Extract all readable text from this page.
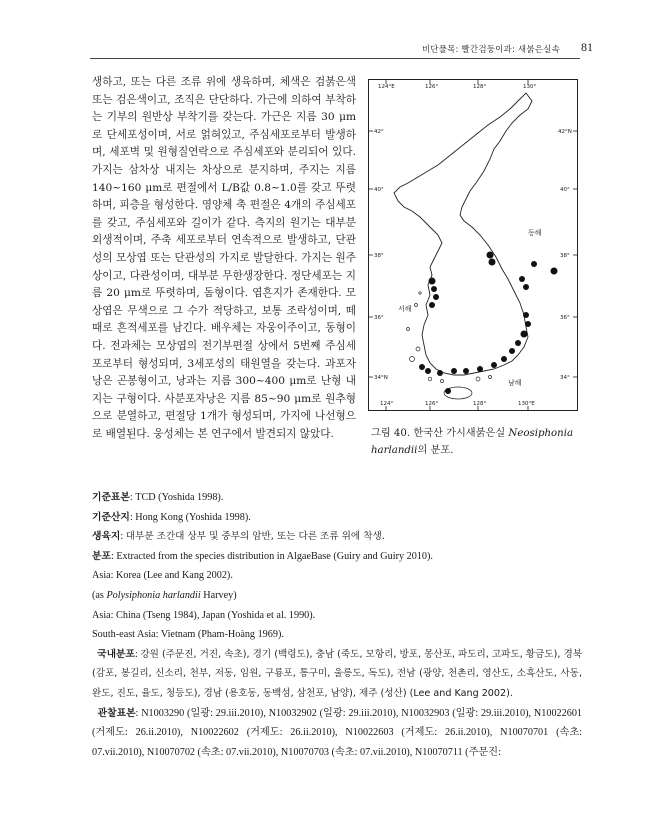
비단풀목: 빨간검둥이과: 새붉은실속 81

생하고, 또는 다른 조류 위에 생육하며, 체색은 검붉은색 또는 검은색이고, 조직은 단단하다. 가근에 의하여 부착하는 기부의 원반상 부착기를 갖는다. 가근은 지름 30 μm로 단세포성이며, 서로 얽혀있고, 주심세포로부터 발생하며, 세포벽 및 원형질연락으로 주심세포와 분리되어 있다. 가지는 삼차상 내지는 차상으로 분지하며, 주지는 지름 140~160 μm로 편절에서 L/B값 0.8~1.0를 갖고 뚜렷하며, 피층을 형성한다. 영양체 축 편절은 4개의 주심세포를 갖고, 주심세포와 길이가 같다. 측지의 원기는 대부분 외생적이며, 주축 세포로부터 연속적으로 발생하고, 단관성의 모상엽 또는 단관성의 가지로 발달한다. 가지는 원주상이고, 다관성이며, 대부분 무한생장한다. 정단세포는 지름 20 μm로 뚜렷하며, 돔형이다. 엽흔지가 존재한다. 모상엽은 무색으로 그 수가 적당하고, 보통 조락성이며, 떼때로 흔적세포를 남긴다. 배우체는 자웅이주이고, 동형이다. 전과체는 모상엽의 전기부편절 상에서 5번째 주심세포로부터 형성되며, 3세포성의 태원열을 갖는다. 과포자낭은 곤봉형이고, 낭과는 지름 300~400 μm로 난형 내지는 구형이다. 사분포자낭은 지름 85~90 μm로 원추형으로 분열하고, 편절당 1개가 형성되며, 가지에 나선형으로 배열된다. 웅성체는 본 연구에서 발견되지 않았다.

124°E	126°	128°	130°
124°	126°	128°	130°E
42°
40°
38°
36°
34°N
42°N
40°
38°
36°
34°
동해
서해
남해
그림 40. 한국산 가시새붉은실 Neosiphonia harlandii의 분포.

기준표본: TCD (Yoshida 1998).

기준산지: Hong Kong (Yoshida 1998).

생육지: 대부분 조간대 상부 및 중부의 암반, 또는 다른 조류 위에 착생.

분포: Extracted from the species distribution in AlgaeBase (Guiry and Guiry 2010).

Asia: Korea (Lee and Kang 2002).

(as Polysiphonia harlandii Harvey)

Asia: China (Tseng 1984), Japan (Yoshida et al. 1990).

South-east Asia: Vietnam (Pham-Hoàng 1969).

국내분포: 강원 (주문진, 거진, 속초), 경기 (백령도), 충남 (죽도, 모항리, 방포, 몽산포, 파도리, 고파도, 황금도), 경북 (감포, 봉길리, 신소리, 천부, 저동, 임원, 구룡포, 통구미, 울릉도, 독도), 전남 (광양, 천촌리, 영산도, 소흑산도, 사동, 완도, 진도, 율도, 청등도), 경남 (용호동, 동백섬, 삼천포, 남양), 제주 (성산) (Lee and Kang 2002).

관찰표본: N1003290 (일광: 29.iii.2010), N10032902 (일광: 29.iii.2010), N10032903 (일광: 29.iii.2010), N10022601 (거제도: 26.ii.2010), N10022602 (거제도: 26.ii.2010), N10022603 (거제도: 26.ii.2010), N10070701 (속초: 07.vii.2010), N10070702 (속초: 07.vii.2010), N10070703 (속초: 07.vii.2010), N10070711 (주문진:
